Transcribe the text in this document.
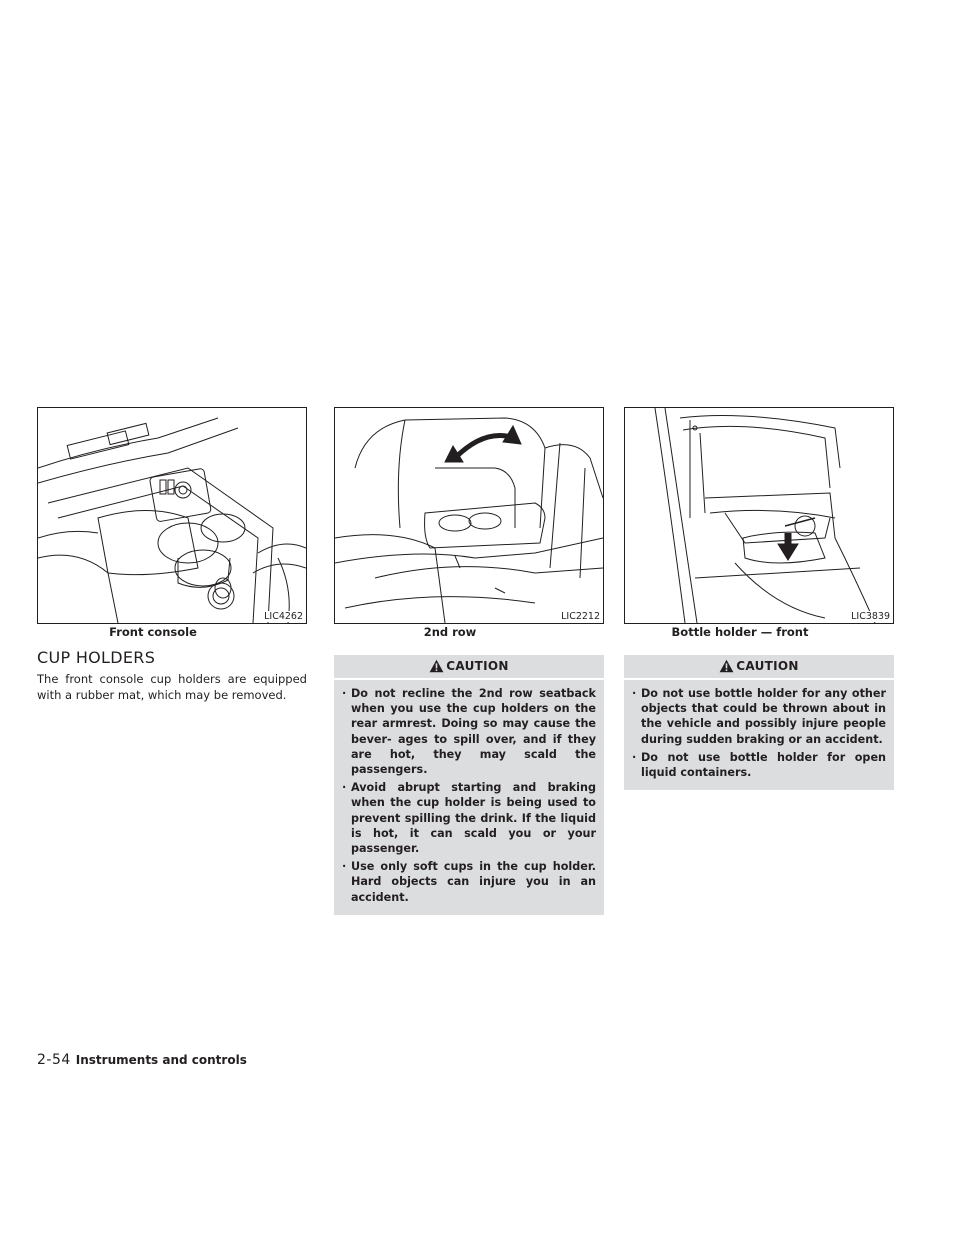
LIC4262
Front console
CUP HOLDERS

The front console cup holders are equipped with a rubber mat, which may be removed.

LIC2212
2nd row
CAUTION
· Do not recline the 2nd row seatback when you use the cup holders on the rear armrest. Doing so may cause the bever- ages to spill over, and if they are hot, they may scald the passengers.
· Avoid abrupt starting and braking when the cup holder is being used to prevent spilling the drink. If the liquid is hot, it can scald you or your passenger.
· Use only soft cups in the cup holder. Hard objects can injure you in an accident.
LIC3839
Bottle holder — front
CAUTION
· Do not use bottle holder for any other objects that could be thrown about in the vehicle and possibly injure people during sudden braking or an accident.
· Do not use bottle holder for open liquid containers.
2-54 Instruments and controls
